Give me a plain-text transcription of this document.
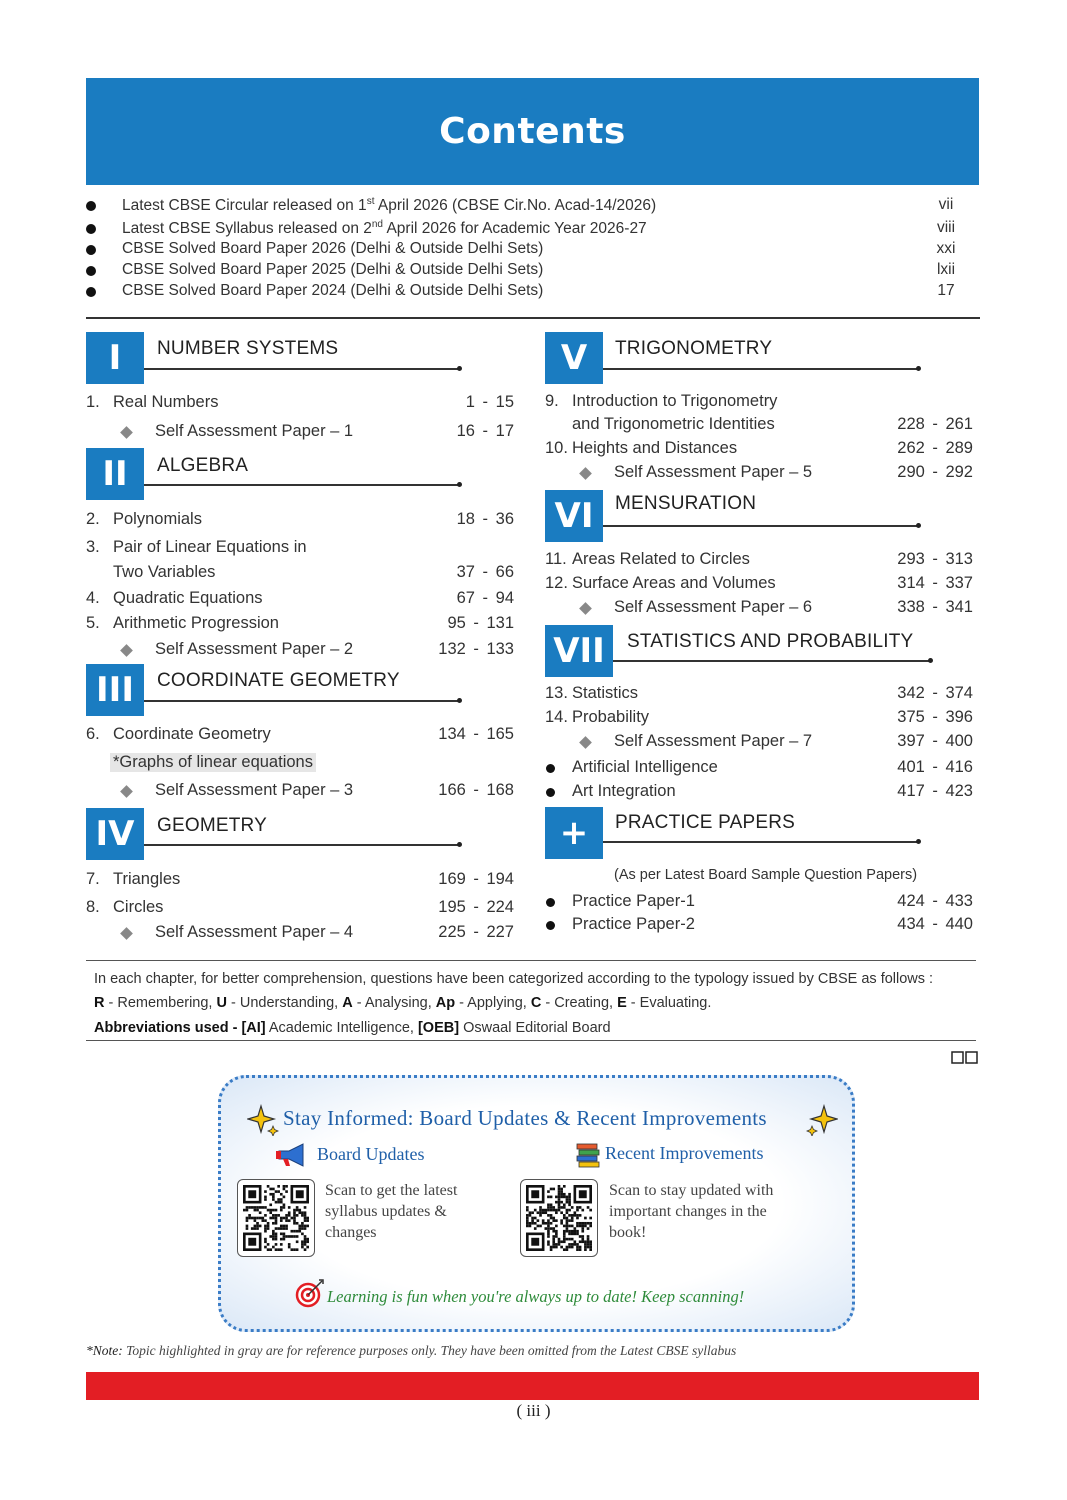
Contents
Latest CBSE Circular released on 1st April 2026 (CBSE Cir.No. Acad-14/2026)	vii
Latest CBSE Syllabus released on 2nd April 2026 for Academic Year 2026-27	viii
CBSE Solved Board Paper 2026 (Delhi & Outside Delhi Sets)	xxi
CBSE Solved Board Paper 2025 (Delhi & Outside Delhi Sets)	lxii
CBSE Solved Board Paper 2024 (Delhi & Outside Delhi Sets)	17
I	NUMBER SYSTEMS
1. Real Numbers	1 - 15
Self Assessment Paper – 1	16 - 17
II	ALGEBRA
2. Polynomials	18 - 36
3. Pair of Linear Equations in
Two Variables	37 - 66
4. Quadratic Equations	67 - 94
5. Arithmetic Progression	95 - 131
Self Assessment Paper – 2	132 - 133
III	COORDINATE GEOMETRY
6. Coordinate Geometry	134 - 165
*Graphs of linear equations
Self Assessment Paper – 3	166 - 168
IV	GEOMETRY
7. Triangles	169 - 194
8. Circles	195 - 224
Self Assessment Paper – 4	225 - 227
V	TRIGONOMETRY
9. Introduction to Trigonometry
and Trigonometric Identities	228 - 261
10. Heights and Distances	262 - 289
Self Assessment Paper – 5	290 - 292
VI	MENSURATION
11. Areas Related to Circles	293 - 313
12. Surface Areas and Volumes	314 - 337
Self Assessment Paper – 6	338 - 341
VII	STATISTICS AND PROBABILITY
13. Statistics	342 - 374
14. Probability	375 - 396
Self Assessment Paper – 7	397 - 400
Artificial Intelligence	401 - 416
Art Integration	417 - 423
+	PRACTICE PAPERS
(As per Latest Board Sample Question Papers)
Practice Paper-1	424 - 433
Practice Paper-2	434 - 440
In each chapter, for better comprehension, questions have been categorized according to the typology issued by CBSE as follows :
R - Remembering, U - Understanding, A - Analysing, Ap - Applying, C - Creating, E - Evaluating.
Abbreviations used - [AI] Academic Intelligence, [OEB] Oswaal Editorial Board
Stay Informed: Board Updates & Recent Improvements
Board Updates	Recent Improvements
Scan to get the latest
syllabus updates &
changes
Scan to stay updated with
important changes in the
book!
Learning is fun when you're always up to date! Keep scanning!
*Note: Topic highlighted in gray are for reference purposes only. They have been omitted from the Latest CBSE syllabus
( iii )
